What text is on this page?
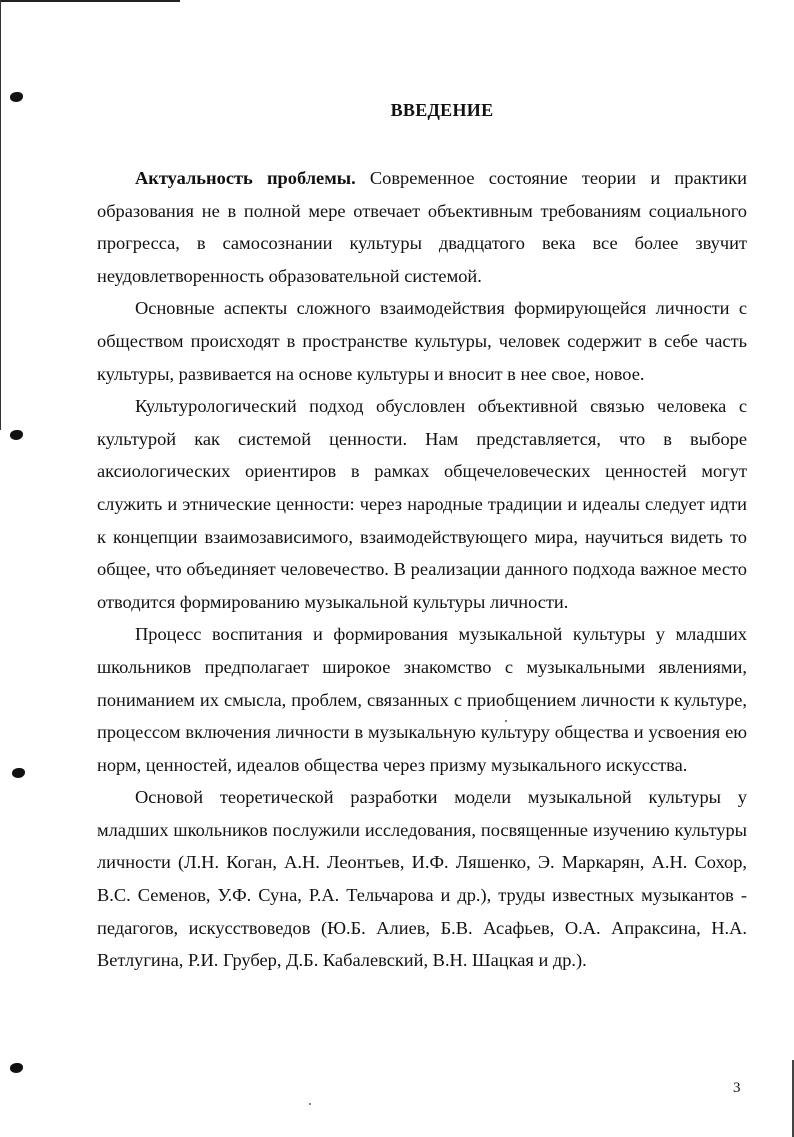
ВВЕДЕНИЕ

Актуальность проблемы. Современное состояние теории и практики образования не в полной мере отвечает объективным требованиям социального прогресса, в самосознании культуры двадцатого века все более звучит неудовлетворенность образовательной системой.

Основные аспекты сложного взаимодействия формирующейся личности с обществом происходят в пространстве культуры, человек содержит в себе часть культуры, развивается на основе культуры и вносит в нее свое, новое.

Культурологический подход обусловлен объективной связью человека с культурой как системой ценности. Нам представляется, что в выборе аксиологических ориентиров в рамках общечеловеческих ценностей могут служить и этнические ценности: через народные традиции и идеалы следует идти к концепции взаимозависимого, взаимодействующего мира, научиться видеть то общее, что объединяет человечество. В реализации данного подхода важное место отводится формированию музыкальной культуры личности.

Процесс воспитания и формирования музыкальной культуры у младших школьников предполагает широкое знакомство с музыкальными явлениями, пониманием их смысла, проблем, связанных с приобщением личности к культуре, процессом включения личности в музыкальную культуру общества и усвоения ею норм, ценностей, идеалов общества через призму музыкального искусства.

Основой теоретической разработки модели музыкальной культуры у младших школьников послужили исследования, посвященные изучению культуры личности (Л.Н. Коган, А.Н. Леонтьев, И.Ф. Ляшенко, Э. Маркарян, А.Н. Сохор, В.С. Семенов, У.Ф. Суна, Р.А. Тельчарова и др.), труды известных музыкантов - педагогов, искусствоведов (Ю.Б. Алиев, Б.В. Асафьев, О.А. Апраксина, Н.А. Ветлугина, Р.И. Грубер, Д.Б. Кабалевский, В.Н. Шацкая и др.).

3
